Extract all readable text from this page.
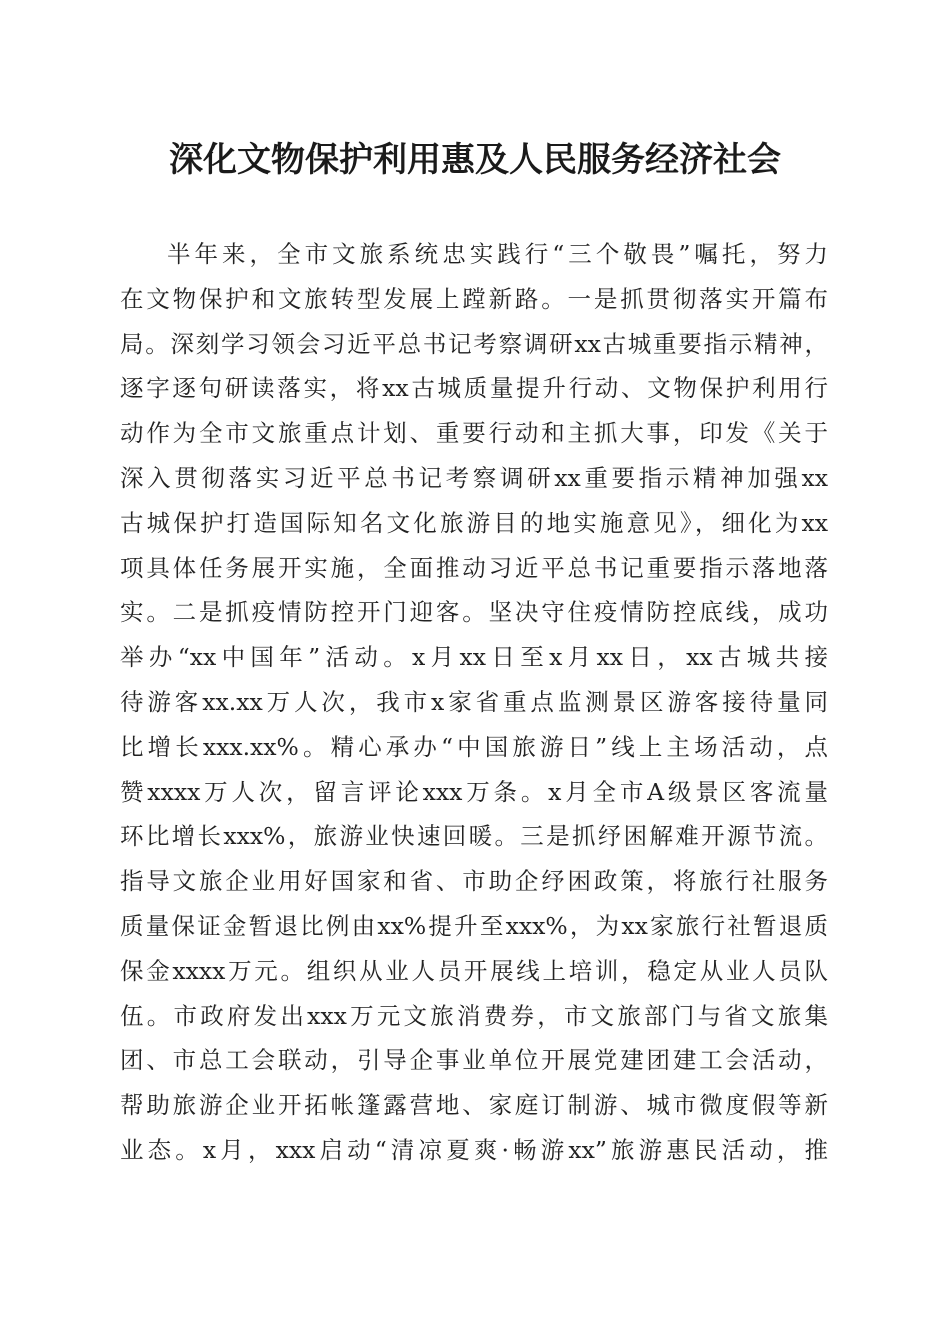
深化文物保护利用惠及人民服务经济社会
半年来，全市文旅系统忠实践行“三个敬畏”嘱托，努力
在文物保护和文旅转型发展上蹚新路。一是抓贯彻落实开篇布
局。深刻学习领会习近平总书记考察调研xx古城重要指示精神，
逐字逐句研读落实，将xx古城质量提升行动、文物保护利用行
动作为全市文旅重点计划、重要行动和主抓大事，印发《关于
深入贯彻落实习近平总书记考察调研xx重要指示精神加强xx
古城保护打造国际知名文化旅游目的地实施意见》，细化为xx
项具体任务展开实施，全面推动习近平总书记重要指示落地落
实。二是抓疫情防控开门迎客。坚决守住疫情防控底线，成功
举办“xx中国年”活动。x月xx日至x月xx日，xx古城共接
待游客xx.xx万人次，我市x家省重点监测景区游客接待量同
比增长xxx.xx%。精心承办“中国旅游日”线上主场活动，点
赞xxxx万人次，留言评论xxx万条。x月全市A级景区客流量
环比增长xxx%，旅游业快速回暖。三是抓纾困解难开源节流。
指导文旅企业用好国家和省、市助企纾困政策，将旅行社服务
质量保证金暂退比例由xx%提升至xxx%，为xx家旅行社暂退质
保金xxxx万元。组织从业人员开展线上培训，稳定从业人员队
伍。市政府发出xxx万元文旅消费券，市文旅部门与省文旅集
团、市总工会联动，引导企事业单位开展党建团建工会活动，
帮助旅游企业开拓帐篷露营地、家庭订制游、城市微度假等新
业态。x月，xxx启动“清凉夏爽·畅游xx”旅游惠民活动，推
